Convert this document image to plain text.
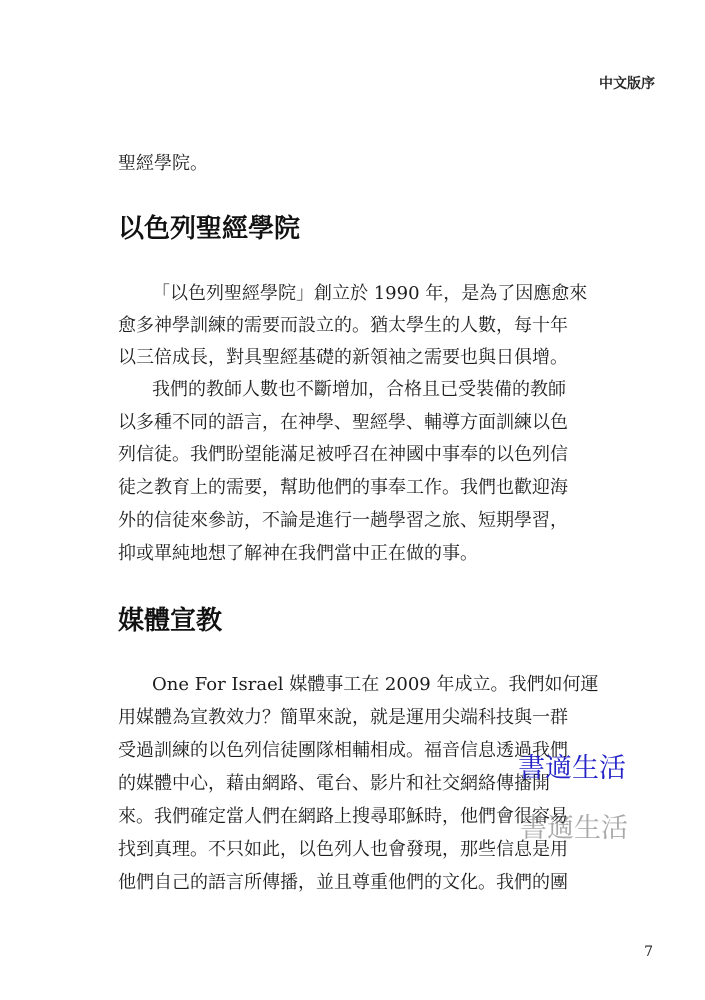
中文版序
聖經學院。
以色列聖經學院
「以色列聖經學院」創立於 1990 年，是為了因應愈來
愈多神學訓練的需要而設立的。猶太學生的人數，每十年
以三倍成長，對具聖經基礎的新領袖之需要也與日俱增。
我們的教師人數也不斷增加，合格且已受裝備的教師
以多種不同的語言，在神學、聖經學、輔導方面訓練以色
列信徒。我們盼望能滿足被呼召在神國中事奉的以色列信
徒之教育上的需要，幫助他們的事奉工作。我們也歡迎海
外的信徒來參訪，不論是進行一趟學習之旅、短期學習，
抑或單純地想了解神在我們當中正在做的事。
媒體宣教
One For Israel 媒體事工在 2009 年成立。我們如何運
用媒體為宣教效力？簡單來說，就是運用尖端科技與一群
受過訓練的以色列信徒團隊相輔相成。福音信息透過我們
的媒體中心，藉由網路、電台、影片和社交網絡傳播開
來。我們確定當人們在網路上搜尋耶穌時，他們會很容易
找到真理。不只如此，以色列人也會發現，那些信息是用
他們自己的語言所傳播，並且尊重他們的文化。我們的團
書適生活
書適生活
7
